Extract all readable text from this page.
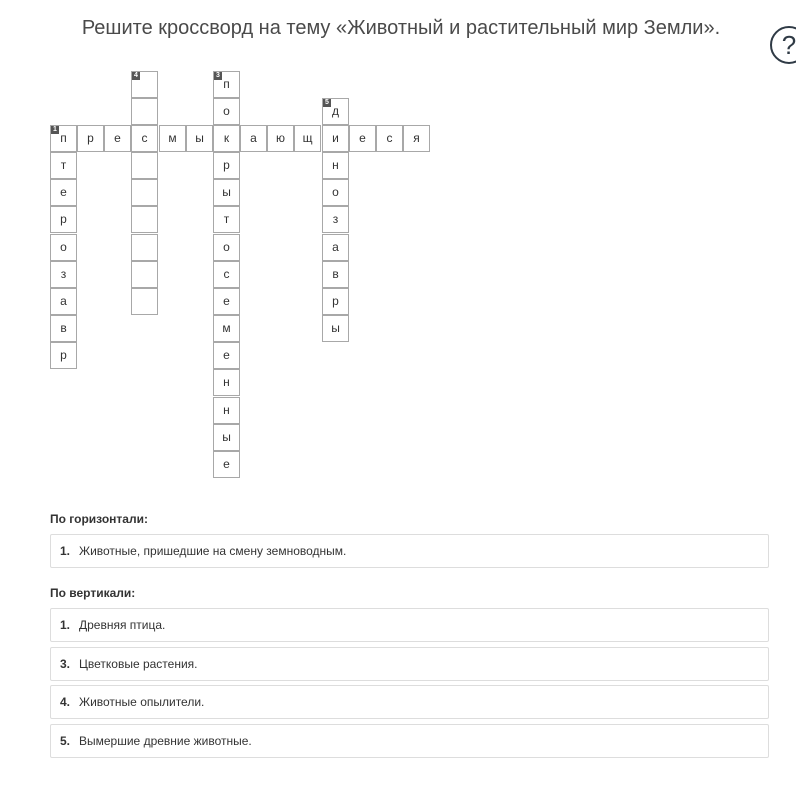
Решите кроссворд на тему «Животный и растительный мир Земли».
?
п
1
р	е	с	м	ы	к	а	ю	щ	и	е	с	я
т
е
р
о
з
а
в
р
п
3
о
р
ы
т
о
с
е
м
е
н
н
ы
е
4
д
5
н
о
з
а
в
р
ы
По горизонтали:
1. Животные, пришедшие на смену земноводным.
По вертикали:
1. Древняя птица.
3. Цветковые растения.
4. Животные опылители.
5. Вымершие древние животные.
